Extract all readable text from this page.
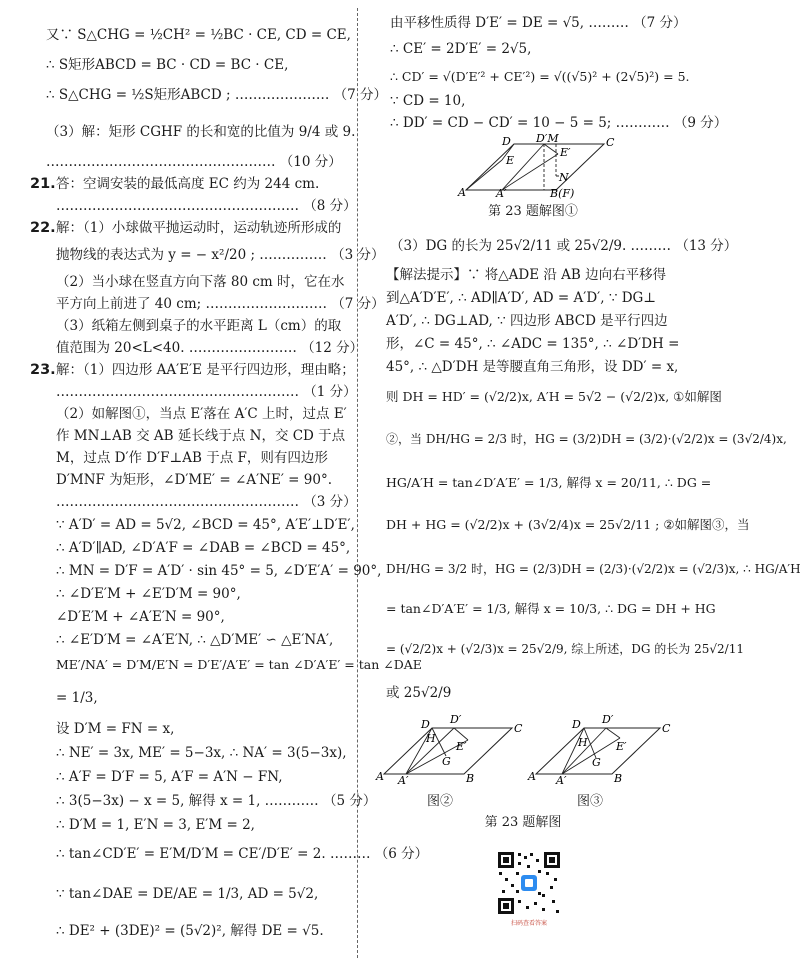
又∵ S△CHG = ½CH² = ½BC · CE, CD = CE,
∴ S矩形ABCD = BC · CD = BC · CE,
∴ S△CHG = ½S矩形ABCD ; ………………… （7 分）
（3）解：矩形 CGHF 的长和宽的比值为 9/4 或 9.
…………………………………………… （10 分）
21. 答：空调安装的最低高度 EC 约为 244 cm.
……………………………………………… （8 分）
22. 解：（1）小球做平抛运动时，运动轨迹所形成的
抛物线的表达式为 y = − x²/20 ; …………… （3 分）
（2）当小球在竖直方向下落 80 cm 时，它在水
平方向上前进了 40 cm; ……………………… （7 分）
（3）纸箱左侧到桌子的水平距离 L（cm）的取
值范围为 20<L<40. …………………… （12 分）
23. 解：（1）四边形 AA′E′E 是平行四边形，理由略；
……………………………………………… （1 分）
（2）如解图①，当点 E′落在 A′C 上时，过点 E′
作 MN⊥AB 交 AB 延长线于点 N，交 CD 于点
M，过点 D′作 D′F⊥AB 于点 F，则有四边形
D′MNF 为矩形，∠D′ME′ = ∠A′NE′ = 90°.
……………………………………………… （3 分）
∵ A′D′ = AD = 5√2, ∠BCD = 45°, A′E′⊥D′E′,
∴ A′D′∥AD, ∠D′A′F = ∠DAB = ∠BCD = 45°,
∴ MN = D′F = A′D′ · sin 45° = 5, ∠D′E′A′ = 90°,
∴ ∠D′E′M + ∠E′D′M = 90°,
∠D′E′M + ∠A′E′N = 90°,
∴ ∠E′D′M = ∠A′E′N, ∴ △D′ME′ ∽ △E′NA′,
ME′/NA′ = D′M/E′N = D′E′/A′E′ = tan ∠D′A′E′ = tan ∠DAE
= 1/3,
设 D′M = FN = x,
∴ NE′ = 3x, ME′ = 5−3x, ∴ NA′ = 3(5−3x),
∴ A′F = D′F = 5, A′F = A′N − FN,
∴ 3(5−3x) − x = 5, 解得 x = 1, ………… （5 分）
∴ D′M = 1, E′N = 3, E′M = 2,
∴ tan∠CD′E′ = E′M/D′M = CE′/D′E′ = 2. ……… （6 分）
∵ tan∠DAE = DE/AE = 1/3, AD = 5√2,
∴ DE² + (3DE)² = (5√2)², 解得 DE = √5.
由平移性质得 D′E′ = DE = √5, ……… （7 分）
∴ CE′ = 2D′E′ = 2√5,
∴ CD′ = √(D′E′² + CE′²) = √((√5)² + (2√5)²) = 5.
∵ CD = 10,
∴ DD′ = CD − CD′ = 10 − 5 = 5; ………… （9 分）
A	A′	B(F)
C
D D′M
E
E′
N
第 23 题解图①
（3）DG 的长为 25√2/11 或 25√2/9. ……… （13 分）
【解法提示】∵ 将△ADE 沿 AB 边向右平移得
到△A′D′E′, ∴ AD∥A′D′, AD = A′D′, ∵ DG⊥
A′D′, ∴ DG⊥AD, ∵ 四边形 ABCD 是平行四边
形，∠C = 45°, ∴ ∠ADC = 135°, ∴ ∠D′DH =
45°, ∴ △D′DH 是等腰直角三角形，设 DD′ = x,
则 DH = HD′ = (√2/2)x, A′H = 5√2 − (√2/2)x, ①如解图
②，当 DH/HG = 2/3 时，HG = (3/2)DH = (3/2)·(√2/2)x = (3√2/4)x,
HG/A′H = tan∠D′A′E′ = 1/3, 解得 x = 20/11, ∴ DG =
DH + HG = (√2/2)x + (3√2/4)x = 25√2/11 ; ②如解图③，当
DH/HG = 3/2 时，HG = (2/3)DH = (2/3)·(√2/2)x = (√2/3)x, ∴ HG/A′H
= tan∠D′A′E′ = 1/3, 解得 x = 10/3, ∴ DG = DH + HG
= (√2/2)x + (√2/3)x = 25√2/9, 综上所述，DG 的长为 25√2/11
或 25√2/9
A A′	B
C
D D′
H
E′
G
图②
A A′	B
C
D D′
H	E′
G
图③
第 23 题解图
扫码查看答案
